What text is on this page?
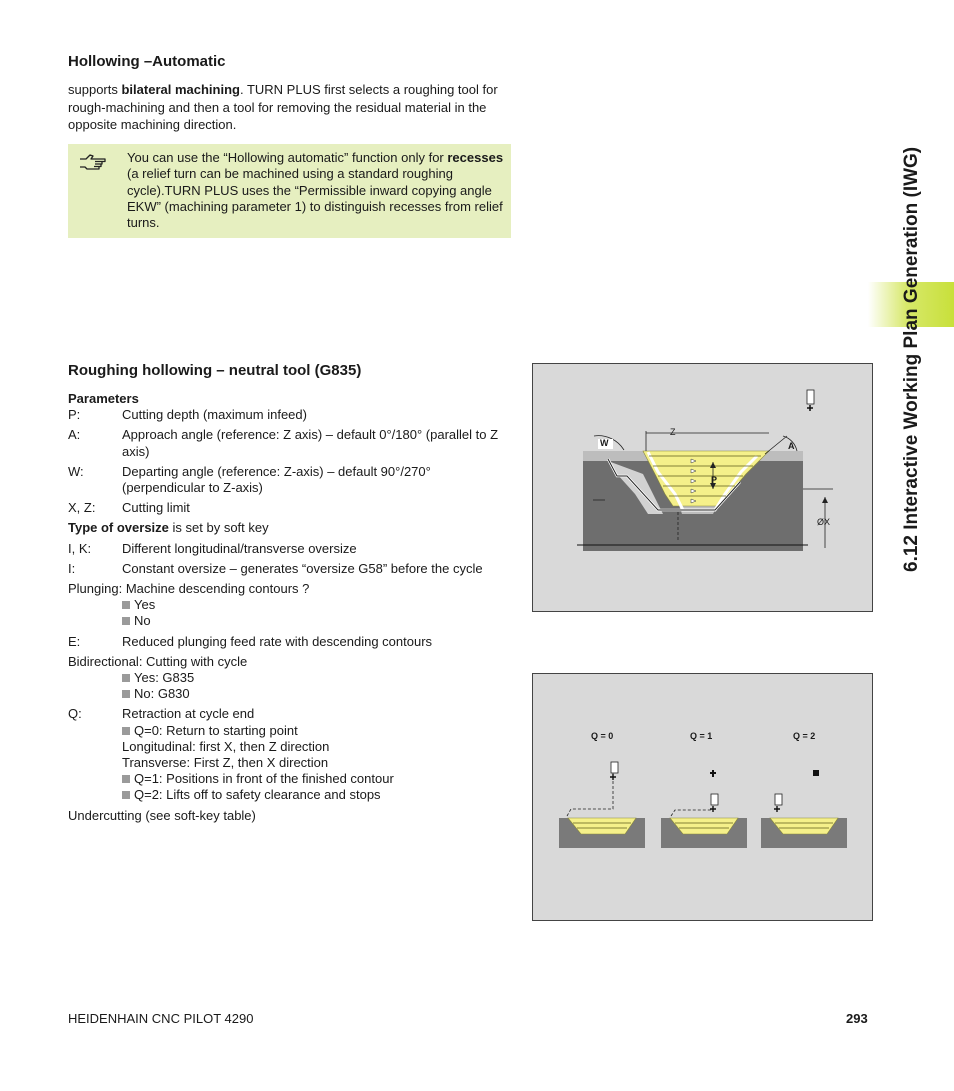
Hollowing –Automatic
supports bilateral machining. TURN PLUS first selects a roughing tool for rough-machining and then a tool for removing the residual material in the opposite machining direction.
You can use the “Hollowing automatic” function only for recesses (a relief turn can be machined using a standard roughing cycle).TURN PLUS uses the “Permissible inward copying angle EKW” (machining parameter 1) to distinguish recesses from relief turns.
Roughing hollowing – neutral tool (G835)
Parameters
P:	Cutting depth (maximum infeed)
A:	Approach angle (reference: Z axis) – default 0°/180° (parallel to Z axis)
W:	Departing angle (reference: Z-axis) – default 90°/270° (perpendicular to Z-axis)
X, Z:	Cutting limit
Type of oversize is set by soft key
I, K:	Different longitudinal/transverse oversize
I:	Constant oversize – generates “oversize G58” before the cycle
Plunging: Machine descending contours ?
Yes
No
E:	Reduced plunging feed rate with descending contours
Bidirectional: Cutting with cycle
Yes: G835
No: G830
Q:	Retraction at cycle end
Q=0: Return to starting point
Longitudinal: first X, then Z direction
Transverse: First Z, then X direction
Q=1: Positions in front of the finished contour
Q=2: Lifts off to safety clearance and stops
Undercutting (see soft-key table)
W
Z
A
P
ØX
Q = 0	Q = 1	Q = 2
6.12 Interactive Working Plan Generation (IWG)
HEIDENHAIN CNC PILOT 4290	293
